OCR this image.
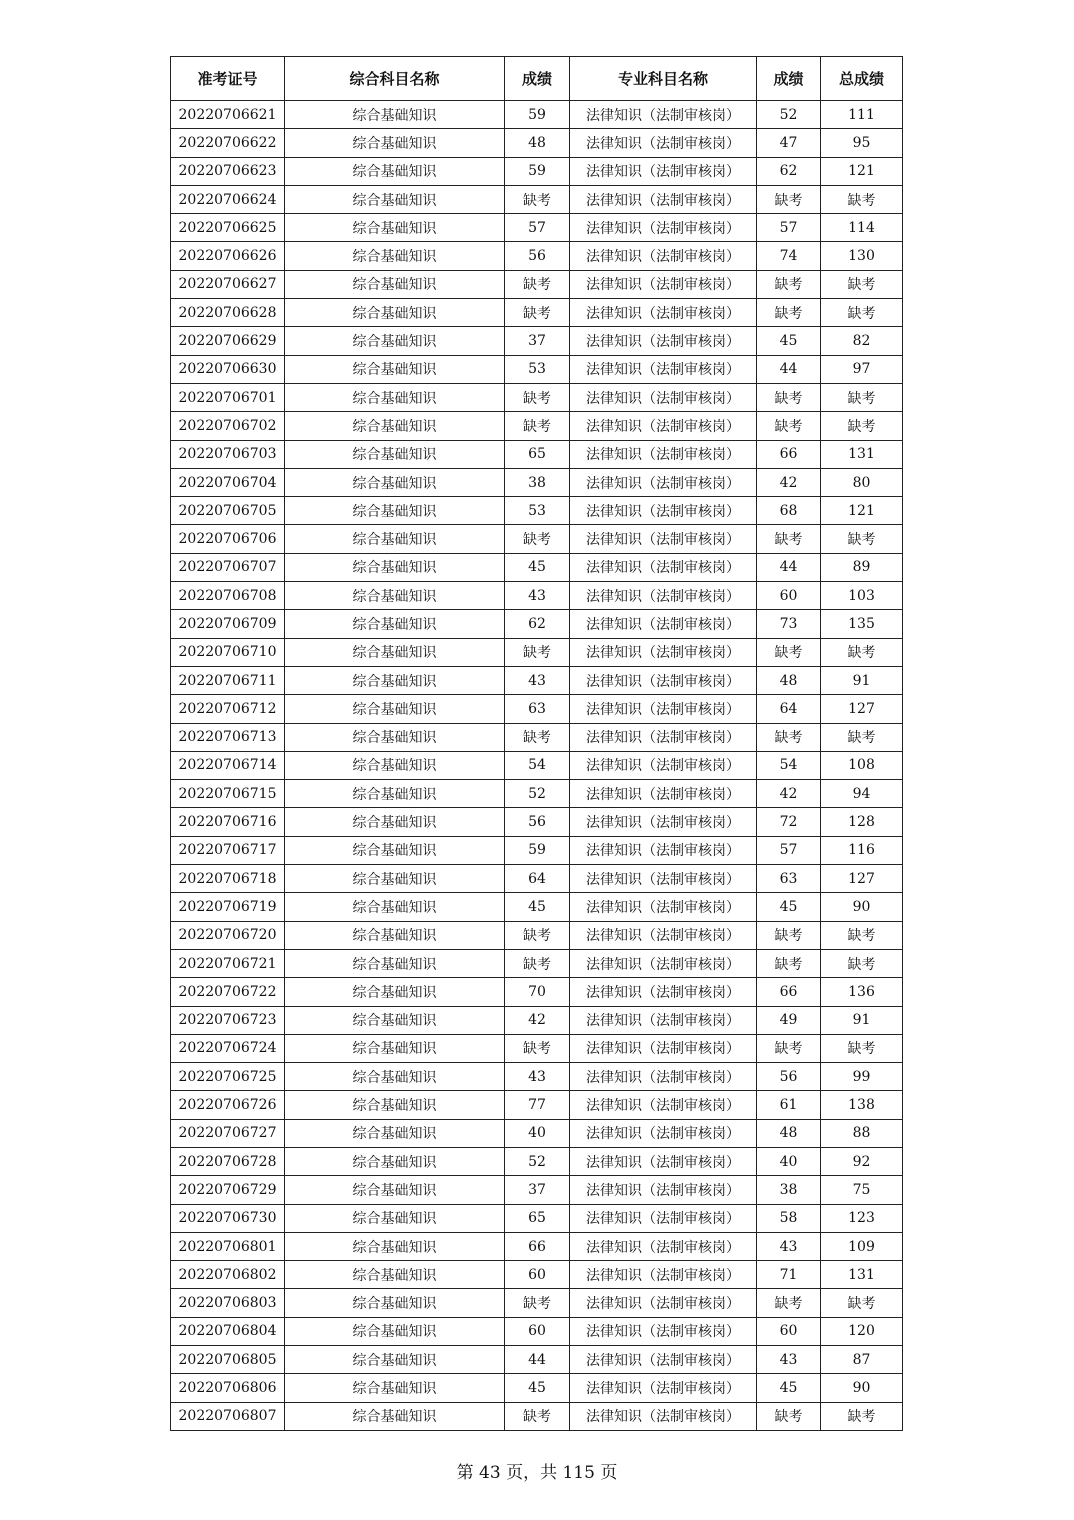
准考证号	综合科目名称	成绩	专业科目名称	成绩	总成绩
20220706621	综合基础知识	59	法律知识（法制审核岗）	52	111
20220706622	综合基础知识	48	法律知识（法制审核岗）	47	95
20220706623	综合基础知识	59	法律知识（法制审核岗）	62	121
20220706624	综合基础知识	缺考	法律知识（法制审核岗）	缺考	缺考
20220706625	综合基础知识	57	法律知识（法制审核岗）	57	114
20220706626	综合基础知识	56	法律知识（法制审核岗）	74	130
20220706627	综合基础知识	缺考	法律知识（法制审核岗）	缺考	缺考
20220706628	综合基础知识	缺考	法律知识（法制审核岗）	缺考	缺考
20220706629	综合基础知识	37	法律知识（法制审核岗）	45	82
20220706630	综合基础知识	53	法律知识（法制审核岗）	44	97
20220706701	综合基础知识	缺考	法律知识（法制审核岗）	缺考	缺考
20220706702	综合基础知识	缺考	法律知识（法制审核岗）	缺考	缺考
20220706703	综合基础知识	65	法律知识（法制审核岗）	66	131
20220706704	综合基础知识	38	法律知识（法制审核岗）	42	80
20220706705	综合基础知识	53	法律知识（法制审核岗）	68	121
20220706706	综合基础知识	缺考	法律知识（法制审核岗）	缺考	缺考
20220706707	综合基础知识	45	法律知识（法制审核岗）	44	89
20220706708	综合基础知识	43	法律知识（法制审核岗）	60	103
20220706709	综合基础知识	62	法律知识（法制审核岗）	73	135
20220706710	综合基础知识	缺考	法律知识（法制审核岗）	缺考	缺考
20220706711	综合基础知识	43	法律知识（法制审核岗）	48	91
20220706712	综合基础知识	63	法律知识（法制审核岗）	64	127
20220706713	综合基础知识	缺考	法律知识（法制审核岗）	缺考	缺考
20220706714	综合基础知识	54	法律知识（法制审核岗）	54	108
20220706715	综合基础知识	52	法律知识（法制审核岗）	42	94
20220706716	综合基础知识	56	法律知识（法制审核岗）	72	128
20220706717	综合基础知识	59	法律知识（法制审核岗）	57	116
20220706718	综合基础知识	64	法律知识（法制审核岗）	63	127
20220706719	综合基础知识	45	法律知识（法制审核岗）	45	90
20220706720	综合基础知识	缺考	法律知识（法制审核岗）	缺考	缺考
20220706721	综合基础知识	缺考	法律知识（法制审核岗）	缺考	缺考
20220706722	综合基础知识	70	法律知识（法制审核岗）	66	136
20220706723	综合基础知识	42	法律知识（法制审核岗）	49	91
20220706724	综合基础知识	缺考	法律知识（法制审核岗）	缺考	缺考
20220706725	综合基础知识	43	法律知识（法制审核岗）	56	99
20220706726	综合基础知识	77	法律知识（法制审核岗）	61	138
20220706727	综合基础知识	40	法律知识（法制审核岗）	48	88
20220706728	综合基础知识	52	法律知识（法制审核岗）	40	92
20220706729	综合基础知识	37	法律知识（法制审核岗）	38	75
20220706730	综合基础知识	65	法律知识（法制审核岗）	58	123
20220706801	综合基础知识	66	法律知识（法制审核岗）	43	109
20220706802	综合基础知识	60	法律知识（法制审核岗）	71	131
20220706803	综合基础知识	缺考	法律知识（法制审核岗）	缺考	缺考
20220706804	综合基础知识	60	法律知识（法制审核岗）	60	120
20220706805	综合基础知识	44	法律知识（法制审核岗）	43	87
20220706806	综合基础知识	45	法律知识（法制审核岗）	45	90
20220706807	综合基础知识	缺考	法律知识（法制审核岗）	缺考	缺考
第 43 页，共 115 页
